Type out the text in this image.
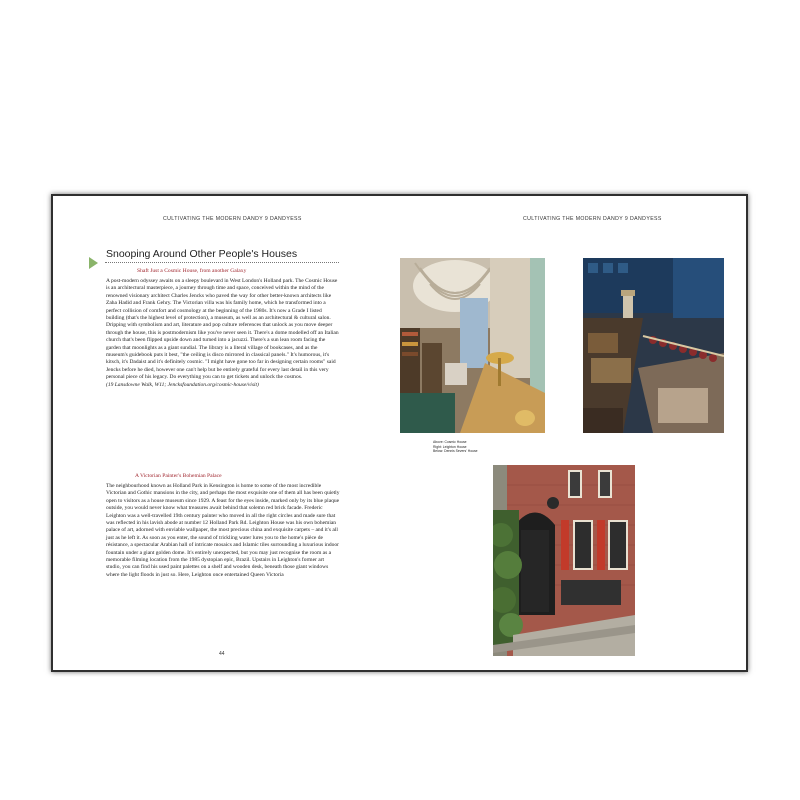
CULTIVATING THE MODERN DANDY 9 DANDYESS	CULTIVATING THE MODERN DANDY 9 DANDYESS
Snooping Around Other People's Houses
Shaft Just a Cosmic House, from another Galaxy

A post-modern odyssey awaits on a sleepy boulevard in West London's Holland park. The Cosmic House is an architectural masterpiece, a journey through time and space, conceived within the mind of the renowned visionary architect Charles Jencks who paved the way for other better-known architects like Zaha Hadid and Frank Gehry. The Victorian villa was his family home, which he transformed into a perfect collision of comfort and cosmology at the beginning of the 1980s. It's now a Grade I listed building (that's the highest level of protection), a museum, as well as an architectural & cultural salon. Dripping with symbolism and art, literature and pop culture references that unlock as you move deeper through the house, this is postmodernism like you've never seen it. There's a dome modelled off an Italian church that's been flipped upside down and turned into a jacuzzi. There's a sun lean room facing the garden that moonlights as a giant sundial. The library is a literal village of bookcases, and as the museum's guidebook puts it best, "the ceiling is disco mirrored in classical panels." It's humorous, it's kitsch, it's Dadaist and it's definitely cosmic. "I might have gone too far in designing certain rooms" said Jencks before he died, however one can't help but be entirely grateful for every last detail in this very personal piece of his legacy. Do everything you can to get tickets and unlock the cosmos.

(19 Lansdowne Walk, W11; Jencksfoundation.org/cosmic-house/visit)

A Victorian Painter's Bohemian Palace

The neighbourhood known as Holland Park in Kensington is home to some of the most incredible Victorian and Gothic mansions in the city, and perhaps the most exquisite one of them all has been quietly open to visitors as a house museum since 1929. A feast for the eyes inside, marked only by its blue plaque outside, you would never know what treasures await behind that solemn red brick facade. Frederic Leighton was a well-travelled 19th century painter who moved in all the right circles and made sure that was reflected in his lavish abode at number 12 Holland Park Rd. Leighton House was his own bohemian palace of art, adorned with enviable wallpaper, the most precious china and exquisite carpets – and it's all just as he left it. As soon as you enter, the sound of trickling water lures you to the home's pièce de résistance, a spectacular Arabian hall of intricate mosaics and Islamic tiles surrounding a luxurious indoor fountain under a giant golden dome. It's entirely unexpected, but you may just recognise the room as a memorable filming location from the 1985 dystopian epic, Brazil. Upstairs in Leighton's former art studio, you can find his used paint palettes on a shelf and wooden desk, beneath those giant windows where the light floods in just so. Here, Leighton once entertained Queen Victoria

44
Above: Cosmic House
Right: Leighton House
Below: Dennis Severs' House
